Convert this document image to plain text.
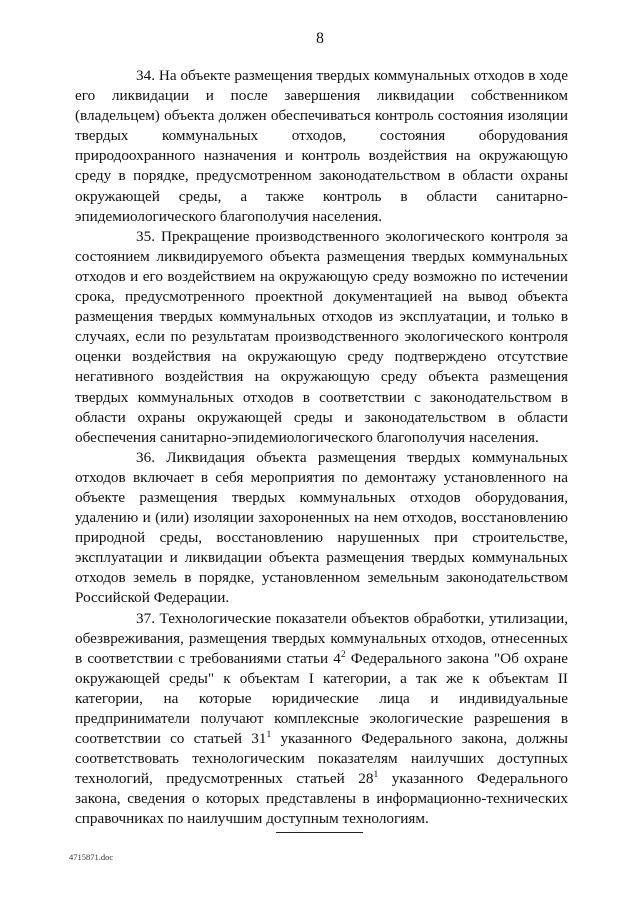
8

34. На объекте размещения твердых коммунальных отходов в ходе его ликвидации и после завершения ликвидации собственником (владельцем) объекта должен обеспечиваться контроль состояния изоляции твердых коммунальных отходов, состояния оборудования природоохранного назначения и контроль воздействия на окружающую среду в порядке, предусмотренном законодательством в области охраны окружающей среды, а также контроль в области санитарно-эпидемиологического благополучия населения.

35. Прекращение производственного экологического контроля за состоянием ликвидируемого объекта размещения твердых коммунальных отходов и его воздействием на окружающую среду возможно по истечении срока, предусмотренного проектной документацией на вывод объекта размещения твердых коммунальных отходов из эксплуатации, и только в случаях, если по результатам производственного экологического контроля оценки воздействия на окружающую среду подтверждено отсутствие негативного воздействия на окружающую среду объекта размещения твердых коммунальных отходов в соответствии с законодательством в области охраны окружающей среды и законодательством в области обеспечения санитарно-эпидемиологического благополучия населения.

36. Ликвидация объекта размещения твердых коммунальных отходов включает в себя мероприятия по демонтажу установленного на объекте размещения твердых коммунальных отходов оборудования, удалению и (или) изоляции захороненных на нем отходов, восстановлению природной среды, восстановлению нарушенных при строительстве, эксплуатации и ликвидации объекта размещения твердых коммунальных отходов земель в порядке, установленном земельным законодательством Российской Федерации.

37. Технологические показатели объектов обработки, утилизации, обезвреживания, размещения твердых коммунальных отходов, отнесенных в соответствии с требованиями статьи $4^2$ Федерального закона "Об охране окружающей среды" к объектам I категории, а так же к объектам II категории, на которые юридические лица и индивидуальные предприниматели получают комплексные экологические разрешения в соответствии со статьей $31^1$ указанного Федерального закона, должны соответствовать технологическим показателям наилучших доступных технологий, предусмотренных статьей $28^1$ указанного Федерального закона, сведения о которых представлены в информационно-технических справочниках по наилучшим доступным технологиям.

4715871.doc
